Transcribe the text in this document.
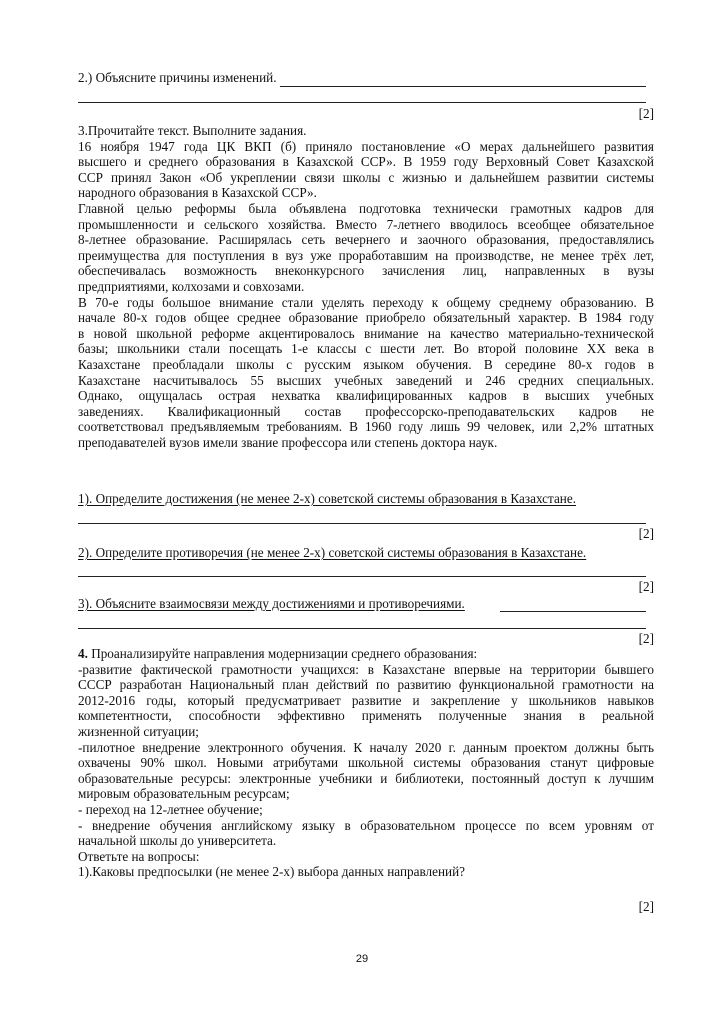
2.) Объясните причины изменений.
[2]
3.Прочитайте текст. Выполните задания.
16 ноября 1947 года ЦК ВКП (б) приняло постановление «О мерах дальнейшего развития
высшего и среднего образования в Казахской ССР». В 1959 году Верховный Совет Казахской
ССР принял Закон «Об укреплении связи школы с жизнью и дальнейшем развитии системы
народного образования в Казахской ССР».
Главной целью реформы была объявлена подготовка технически грамотных кадров для
промышленности и сельского хозяйства. Вместо 7-летнего вводилось всеобщее обязательное
8-летнее образование. Расширялась сеть вечернего и заочного образования, предоставлялись
преимущества для поступления в вуз уже проработавшим на производстве, не менее трёх лет,
обеспечивалась возможность внеконкурсного зачисления лиц, направленных в вузы
предприятиями, колхозами и совхозами.
В 70-е годы большое внимание стали уделять переходу к общему среднему образованию. В
начале 80-х годов общее среднее образование приобрело обязательный характер. В 1984 году
в новой школьной реформе акцентировалось внимание на качество материально-технической
базы; школьники стали посещать 1-е классы с шести лет. Во второй половине XX века в
Казахстане преобладали школы с русским языком обучения. В середине 80-х годов в
Казахстане насчитывалось 55 высших учебных заведений и 246 средних специальных.
Однако, ощущалась острая нехватка квалифицированных кадров в высших учебных
заведениях. Квалификационный состав профессорско-преподавательских кадров не
соответствовал предъявляемым требованиям. В 1960 году лишь 99 человек, или 2,2% штатных
преподавателей вузов имели звание профессора или степень доктора наук.
1). Определите достижения (не менее 2-х) советской системы образования в Казахстане.
[2]
2). Определите противоречия (не менее 2-х) советской системы образования в Казахстане.
[2]
3). Объясните взаимосвязи между достижениями и противоречиями.
[2]
4. Проанализируйте направления модернизации среднего образования:
-развитие фактической грамотности учащихся: в Казахстане впервые на территории бывшего
СССР разработан Национальный план действий по развитию функциональной грамотности на
2012-2016 годы, который предусматривает развитие и закрепление у школьников навыков
компетентности, способности эффективно применять полученные знания в реальной
жизненной ситуации;
-пилотное внедрение электронного обучения. К началу 2020 г. данным проектом должны быть
охвачены 90% школ. Новыми атрибутами школьной системы образования станут цифровые
образовательные ресурсы: электронные учебники и библиотеки, постоянный доступ к лучшим
мировым образовательным ресурсам;
- переход на 12-летнее обучение;
- внедрение обучения английскому языку в образовательном процессе по всем уровням от
начальной школы до университета.
Ответьте на вопросы:
1).Каковы предпосылки (не менее 2-х) выбора данных направлений?
[2]
29
